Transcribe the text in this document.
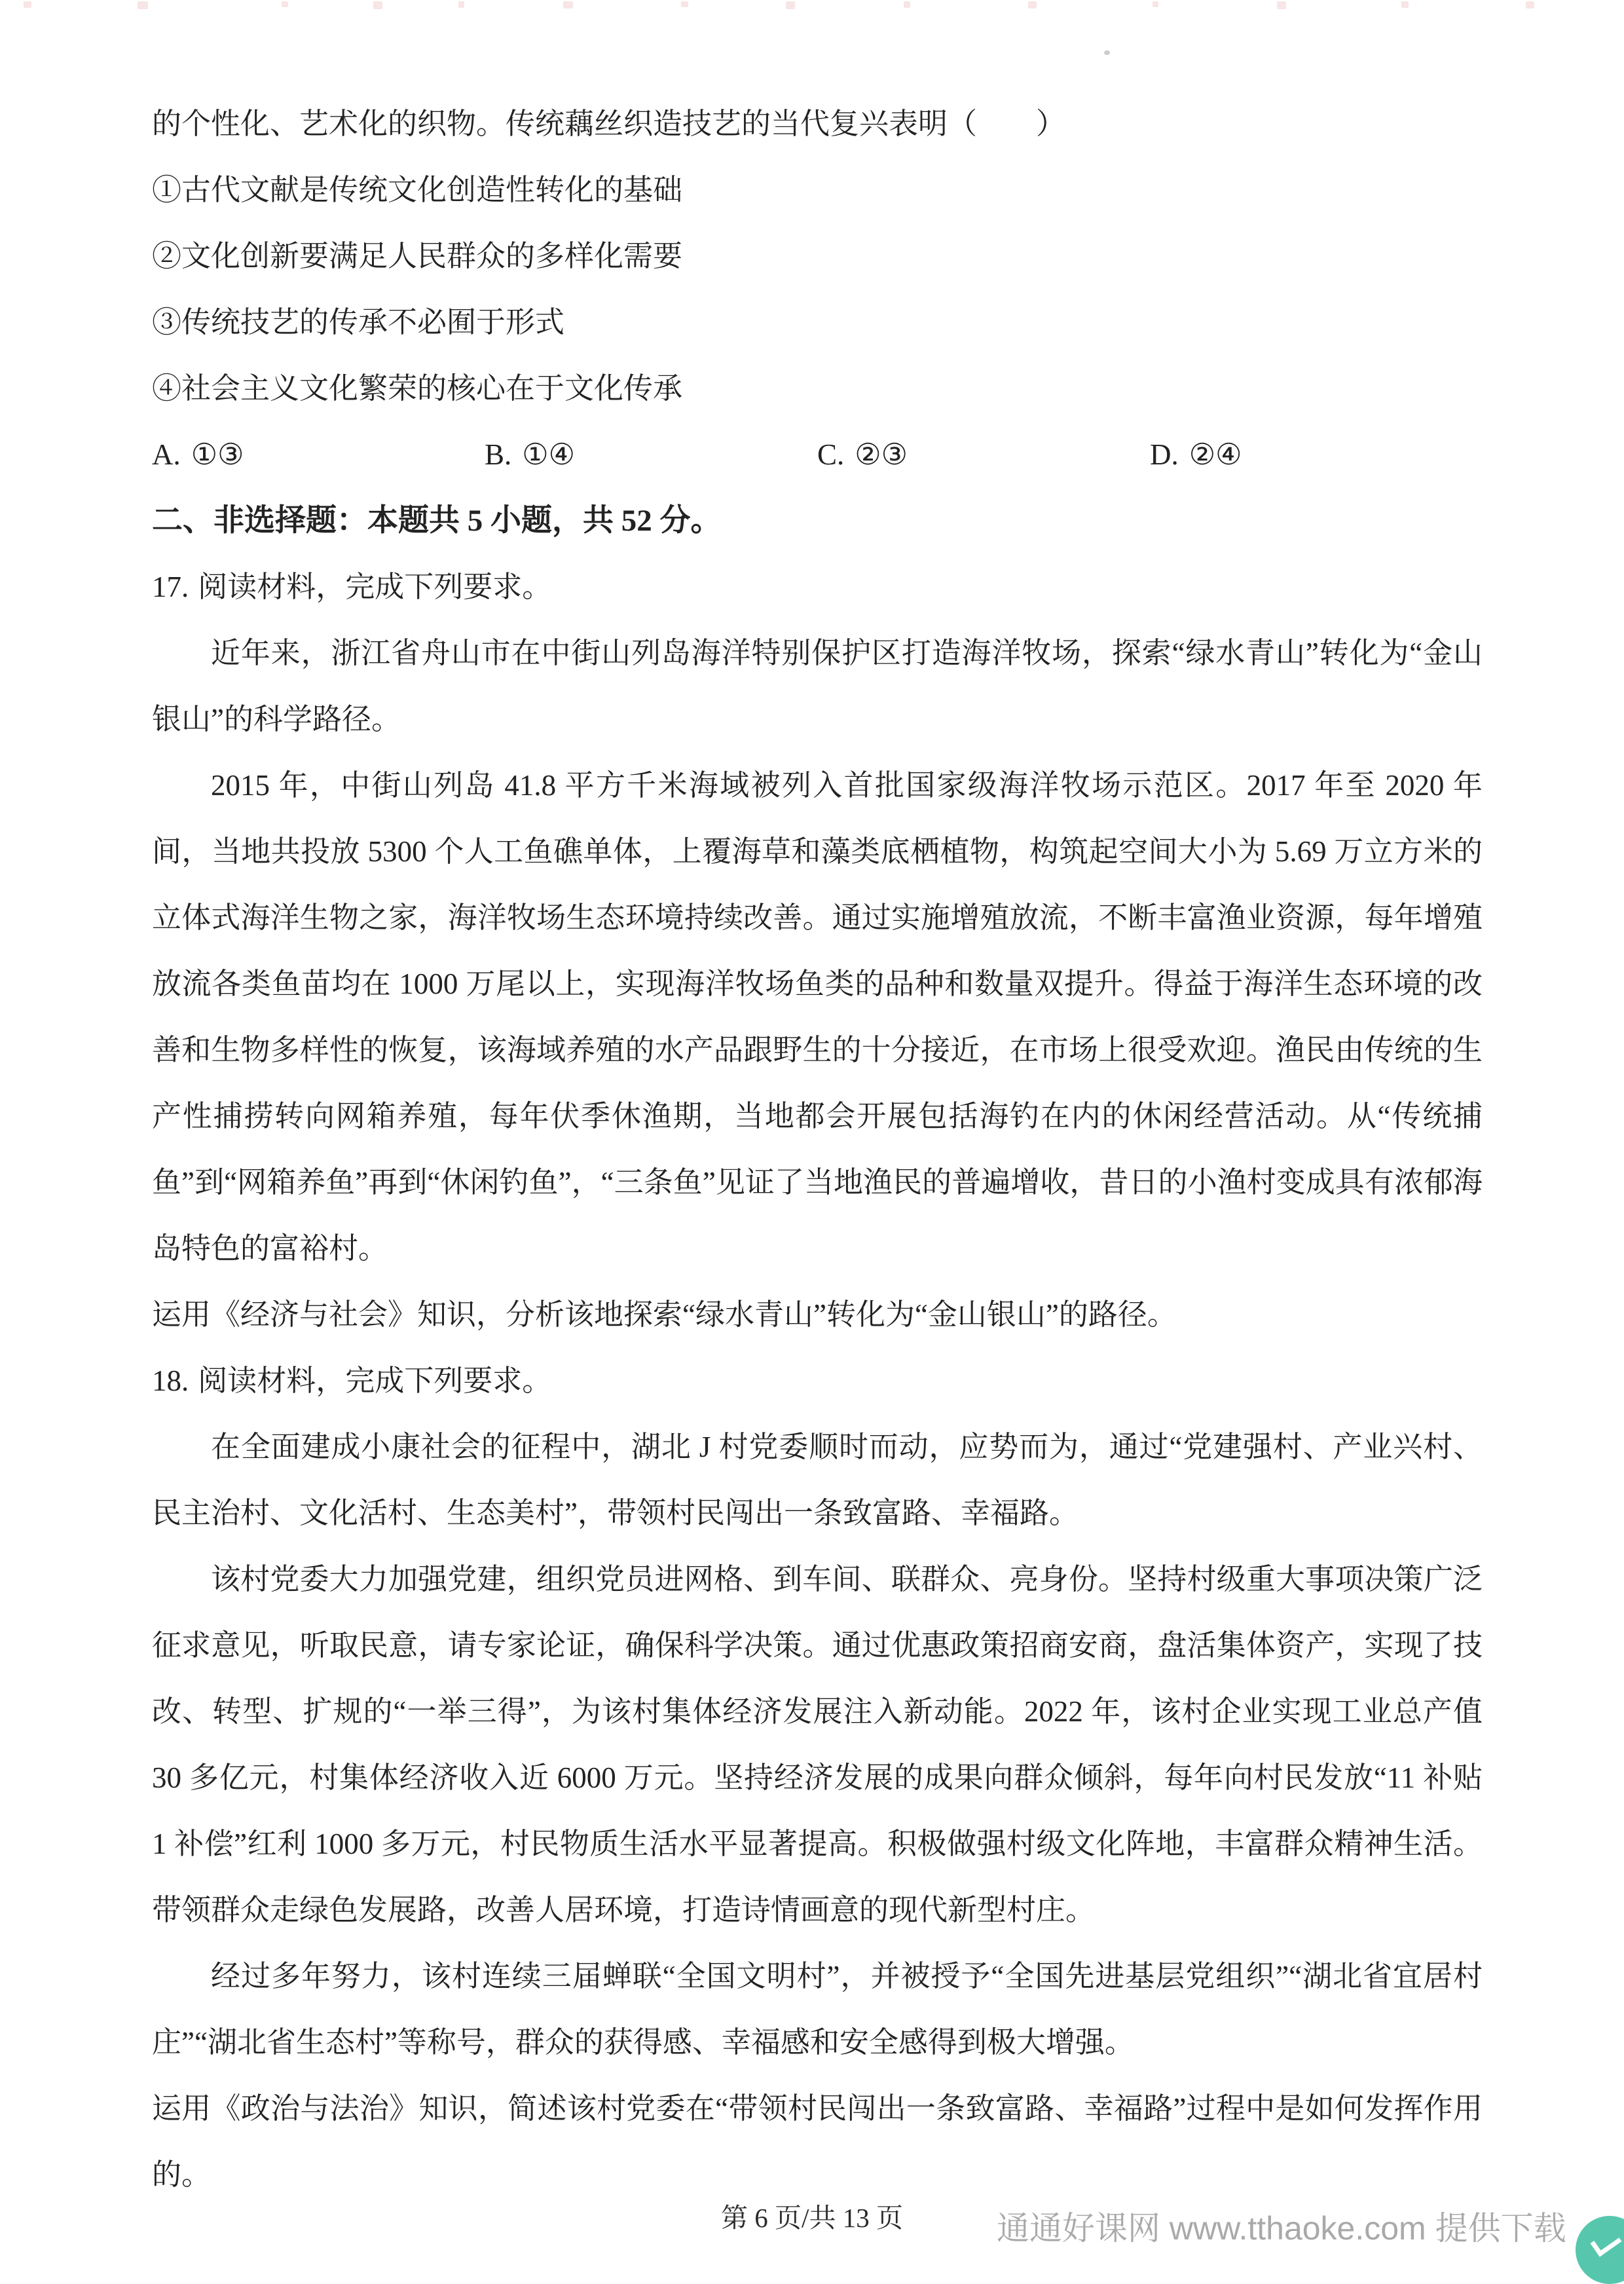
的个性化、艺术化的织物。传统藕丝织造技艺的当代复兴表明（　　）
①古代文献是传统文化创造性转化的基础
②文化创新要满足人民群众的多样化需要
③传统技艺的传承不必囿于形式
④社会主义文化繁荣的核心在于文化传承
A. ①③	B. ①④	C. ②③	D. ②④
二、非选择题：本题共 5 小题，共 52 分。
17. 阅读材料，完成下列要求。
近年来，浙江省舟山市在中街山列岛海洋特别保护区打造海洋牧场，探索“绿水青山”转化为“金山银山”的科学路径。
2015 年，中街山列岛 41.8 平方千米海域被列入首批国家级海洋牧场示范区。2017 年至 2020 年间，当地共投放 5300 个人工鱼礁单体，上覆海草和藻类底栖植物，构筑起空间大小为 5.69 万立方米的立体式海洋生物之家，海洋牧场生态环境持续改善。通过实施增殖放流，不断丰富渔业资源，每年增殖放流各类鱼苗均在 1000 万尾以上，实现海洋牧场鱼类的品种和数量双提升。得益于海洋生态环境的改善和生物多样性的恢复，该海域养殖的水产品跟野生的十分接近，在市场上很受欢迎。渔民由传统的生产性捕捞转向网箱养殖，每年伏季休渔期，当地都会开展包括海钓在内的休闲经营活动。从“传统捕鱼”到“网箱养鱼”再到“休闲钓鱼”，“三条鱼”见证了当地渔民的普遍增收，昔日的小渔村变成具有浓郁海岛特色的富裕村。
运用《经济与社会》知识，分析该地探索“绿水青山”转化为“金山银山”的路径。
18. 阅读材料，完成下列要求。
在全面建成小康社会的征程中，湖北 J 村党委顺时而动，应势而为，通过“党建强村、产业兴村、民主治村、文化活村、生态美村”，带领村民闯出一条致富路、幸福路。
该村党委大力加强党建，组织党员进网格、到车间、联群众、亮身份。坚持村级重大事项决策广泛征求意见，听取民意，请专家论证，确保科学决策。通过优惠政策招商安商，盘活集体资产，实现了技改、转型、扩规的“一举三得”，为该村集体经济发展注入新动能。2022 年，该村企业实现工业总产值 30 多亿元，村集体经济收入近 6000 万元。坚持经济发展的成果向群众倾斜，每年向村民发放“11 补贴 1 补偿”红利 1000 多万元，村民物质生活水平显著提高。积极做强村级文化阵地，丰富群众精神生活。带领群众走绿色发展路，改善人居环境，打造诗情画意的现代新型村庄。
经过多年努力，该村连续三届蝉联“全国文明村”，并被授予“全国先进基层党组织”“湖北省宜居村庄”“湖北省生态村”等称号，群众的获得感、幸福感和安全感得到极大增强。
运用《政治与法治》知识，简述该村党委在“带领村民闯出一条致富路、幸福路”过程中是如何发挥作用的。
第 6 页/共 13 页	通通好课网 www.tthaoke.com 提供下载
